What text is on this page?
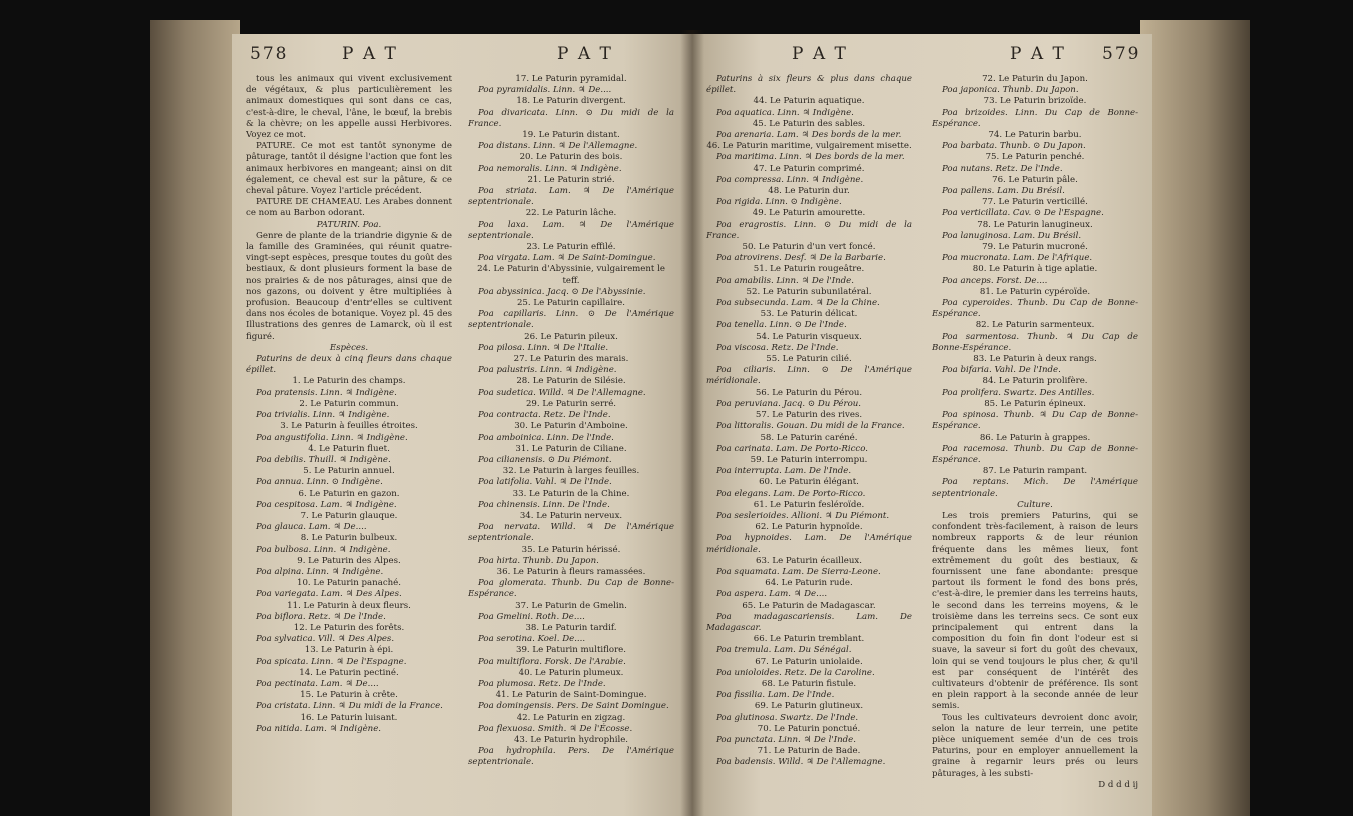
578	P A T	P A T

tous les animaux qui vivent exclusivement de végétaux, & plus particulièrement les animaux domestiques qui sont dans ce cas, c'est-à-dire, le cheval, l'âne, le bœuf, la brebis & la chèvre; on les appelle aussi Herbivores. Voyez ce mot.

PATURE. Ce mot est tantôt synonyme de pâturage, tantôt il désigne l'action que font les animaux herbivores en mangeant; ainsi on dit également, ce cheval est sur la pâture, & ce cheval pâture. Voyez l'article précédent.

PATURE DE CHAMEAU. Les Arabes donnent ce nom au Barbon odorant.

PATURIN. Poa.

Genre de plante de la triandrie digynie & de la famille des Graminées, qui réunit quatre-vingt-sept espèces, presque toutes du goût des bestiaux, & dont plusieurs forment la base de nos prairies & de nos pâturages, ainsi que de nos gazons, ou doivent y être multipliées à profusion. Beaucoup d'entr'elles se cultivent dans nos écoles de botanique. Voyez pl. 45 des Illustrations des genres de Lamarck, où il est figuré.

Espèces.

Paturins de deux à cinq fleurs dans chaque épillet.

1. Le Paturin des champs.

Poa pratensis. Linn. ♃ Indigène.

2. Le Paturin commun.

Poa trivialis. Linn. ♃ Indigène.

3. Le Paturin à feuilles étroites.

Poa angustifolia. Linn. ♃ Indigène.

4. Le Paturin fluet.

Poa debilis. Thuill. ♃ Indigène.

5. Le Paturin annuel.

Poa annua. Linn. ⊙ Indigène.

6. Le Paturin en gazon.

Poa cespitosa. Lam. ♃ Indigène.

7. Le Paturin glauque.

Poa glauca. Lam. ♃ De....

8. Le Paturin bulbeux.

Poa bulbosa. Linn. ♃ Indigène.

9. Le Paturin des Alpes.

Poa alpina. Linn. ♃ Indigène.

10. Le Paturin panaché.

Poa variegata. Lam. ♃ Des Alpes.

11. Le Paturin à deux fleurs.

Poa biflora. Retz. ♃ De l'Inde.

12. Le Paturin des forêts.

Poa sylvatica. Vill. ♃ Des Alpes.

13. Le Paturin à épi.

Poa spicata. Linn. ♃ De l'Espagne.

14. Le Paturin pectiné.

Poa pectinata. Lam. ♃ De....

15. Le Paturin à crête.

Poa cristata. Linn. ♃ Du midi de la France.

16. Le Paturin luisant.

Poa nitida. Lam. ♃ Indigène.

17. Le Paturin pyramidal.

Poa pyramidalis. Linn. ♃ De....

18. Le Paturin divergent.

Poa divaricata. Linn. ⊙ Du midi de la France.

19. Le Paturin distant.

Poa distans. Linn. ♃ De l'Allemagne.

20. Le Paturin des bois.

Poa nemoralis. Linn. ♃ Indigène.

21. Le Paturin strié.

Poa striata. Lam. ♃ De l'Amérique septentrionale.

22. Le Paturin lâche.

Poa laxa. Lam. ♃ De l'Amérique septentrionale.

23. Le Paturin effilé.

Poa virgata. Lam. ♃ De Saint-Domingue.

24. Le Paturin d'Abyssinie, vulgairement le teff.

Poa abyssinica. Jacq. ⊙ De l'Abyssinie.

25. Le Paturin capillaire.

Poa capillaris. Linn. ⊙ De l'Amérique septentrionale.

26. Le Paturin pileux.

Poa pilosa. Linn. ♃ De l'Italie.

27. Le Paturin des marais.

Poa palustris. Linn. ♃ Indigène.

28. Le Paturin de Silésie.

Poa sudetica. Willd. ♃ De l'Allemagne.

29. Le Paturin serré.

Poa contracta. Retz. De l'Inde.

30. Le Paturin d'Amboine.

Poa amboinica. Linn. De l'Inde.

31. Le Paturin de Ciliane.

Poa cilianensis. ⊙ Du Piémont.

32. Le Paturin à larges feuilles.

Poa latifolia. Vahl. ♃ De l'Inde.

33. Le Paturin de la Chine.

Poa chinensis. Linn. De l'Inde.

34. Le Paturin nerveux.

Poa nervata. Willd. ♃ De l'Amérique septentrionale.

35. Le Paturin hérissé.

Poa hirta. Thunb. Du Japon.

36. Le Paturin à fleurs ramassées.

Poa glomerata. Thunb. Du Cap de Bonne-Espérance.

37. Le Paturin de Gmelin.

Poa Gmelini. Roth. De....

38. Le Paturin tardif.

Poa serotina. Koel. De....

39. Le Paturin multiflore.

Poa multiflora. Forsk. De l'Arabie.

40. Le Paturin plumeux.

Poa plumosa. Retz. De l'Inde.

41. Le Paturin de Saint-Domingue.

Poa domingensis. Pers. De Saint Domingue.

42. Le Paturin en zigzag.

Poa flexuosa. Smith. ♃ De l'Écosse.

43. Le Paturin hydrophile.

Poa hydrophila. Pers. De l'Amérique septentrionale.

P A T	P A T 579

Paturins à six fleurs & plus dans chaque épillet.

44. Le Paturin aquatique.

Poa aquatica. Linn. ♃ Indigène.

45. Le Paturin des sables.

Poa arenaria. Lam. ♃ Des bords de la mer.

46. Le Paturin maritime, vulgairement misette.

Poa maritima. Linn. ♃ Des bords de la mer.

47. Le Paturin comprimé.

Poa compressa. Linn. ♃ Indigène.

48. Le Paturin dur.

Poa rigida. Linn. ⊙ Indigène.

49. Le Paturin amourette.

Poa eragrostis. Linn. ⊙ Du midi de la France.

50. Le Paturin d'un vert foncé.

Poa atrovirens. Desf. ♃ De la Barbarie.

51. Le Paturin rougeâtre.

Poa amabilis. Linn. ♃ De l'Inde.

52. Le Paturin subunilatéral.

Poa subsecunda. Lam. ♃ De la Chine.

53. Le Paturin délicat.

Poa tenella. Linn. ⊙ De l'Inde.

54. Le Paturin visqueux.

Poa viscosa. Retz. De l'Inde.

55. Le Paturin cilié.

Poa ciliaris. Linn. ⊙ De l'Amérique méridionale.

56. Le Paturin du Pérou.

Poa peruviana. Jacq. ⊙ Du Pérou.

57. Le Paturin des rives.

Poa littoralis. Gouan. Du midi de la France.

58. Le Paturin caréné.

Poa carinata. Lam. De Porto-Ricco.

59. Le Paturin interrompu.

Poa interrupta. Lam. De l'Inde.

60. Le Paturin élégant.

Poa elegans. Lam. De Porto-Ricco.

61. Le Paturin fesléroïde.

Poa seslerioides. Allioni. ♃ Du Piémont.

62. Le Paturin hypnoïde.

Poa hypnoides. Lam. De l'Amérique méridionale.

63. Le Paturin écailleux.

Poa squamata. Lam. De Sierra-Leone.

64. Le Paturin rude.

Poa aspera. Lam. ♃ De....

65. Le Paturin de Madagascar.

Poa madagascariensis. Lam. De Madagascar.

66. Le Paturin tremblant.

Poa tremula. Lam. Du Sénégal.

67. Le Paturin uniolaide.

Poa unioloides. Retz. De la Caroline.

68. Le Paturin fistule.

Poa fissilia. Lam. De l'Inde.

69. Le Paturin glutineux.

Poa glutinosa. Swartz. De l'Inde.

70. Le Paturin ponctué.

Poa punctata. Linn. ♃ De l'Inde.

71. Le Paturin de Bade.

Poa badensis. Willd. ♃ De l'Allemagne.

72. Le Paturin du Japon.

Poa japonica. Thunb. Du Japon.

73. Le Paturin brizoïde.

Poa brizoides. Linn. Du Cap de Bonne-Espérance.

74. Le Paturin barbu.

Poa barbata. Thunb. ⊙ Du Japon.

75. Le Paturin penché.

Poa nutans. Retz. De l'Inde.

76. Le Paturin pâle.

Poa pallens. Lam. Du Brésil.

77. Le Paturin verticillé.

Poa verticillata. Cav. ⊙ De l'Espagne.

78. Le Paturin lanugineux.

Poa lanuginosa. Lam. Du Brésil.

79. Le Paturin mucroné.

Poa mucronata. Lam. De l'Afrique.

80. Le Paturin à tige aplatie.

Poa anceps. Forst. De....

81. Le Paturin cypéroïde.

Poa cyperoides. Thunb. Du Cap de Bonne-Espérance.

82. Le Paturin sarmenteux.

Poa sarmentosa. Thunb. ♃ Du Cap de Bonne-Espérance.

83. Le Paturin à deux rangs.

Poa bifaria. Vahl. De l'Inde.

84. Le Paturin prolifère.

Poa prolifera. Swartz. Des Antilles.

85. Le Paturin épineux.

Poa spinosa. Thunb. ♃ Du Cap de Bonne-Espérance.

86. Le Paturin à grappes.

Poa racemosa. Thunb. Du Cap de Bonne-Espérance.

87. Le Paturin rampant.

Poa reptans. Mich. De l'Amérique septentrionale.

Culture.

Les trois premiers Paturins, qui se confondent très-facilement, à raison de leurs nombreux rapports & de leur réunion fréquente dans les mêmes lieux, font extrêmement du goût des bestiaux, & fournissent une fane abondante: presque partout ils forment le fond des bons prés, c'est-à-dire, le premier dans les terreins hauts, le second dans les terreins moyens, & le troisième dans les terreins secs. Ce sont eux principalement qui entrent dans la composition du foin fin dont l'odeur est si suave, la saveur si fort du goût des chevaux, loin qui se vend toujours le plus cher, & qu'il est par conséquent de l'intérêt des cultivateurs d'obtenir de préférence. Ils sont en plein rapport à la seconde année de leur semis.

Tous les cultivateurs devroient donc avoir, selon la nature de leur terrein, une petite pièce uniquement semée d'un de ces trois Paturins, pour en employer annuellement la graine à regarnir leurs prés ou leurs pâturages, à les substi-

D d d d ij
